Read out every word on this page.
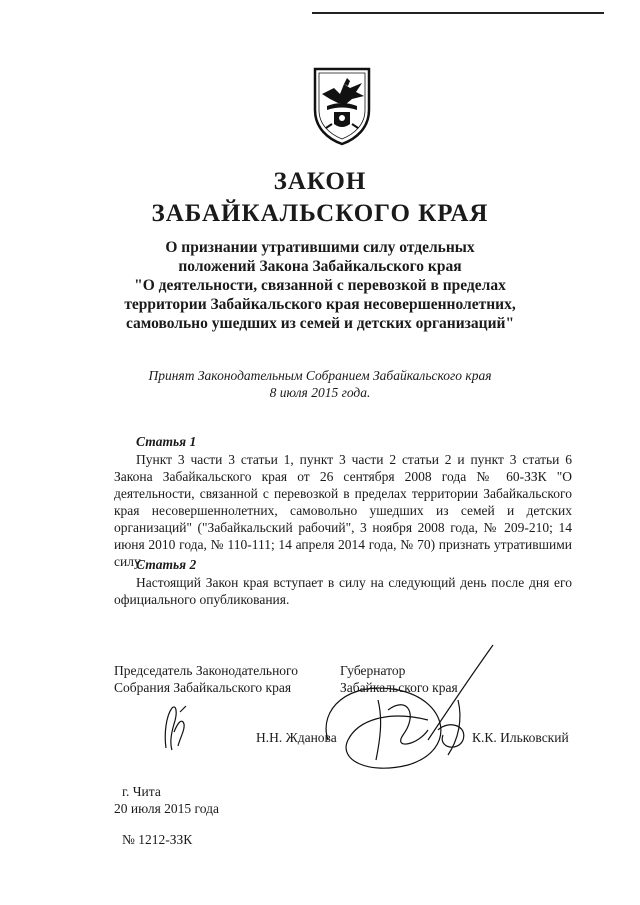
ЗАКОН
ЗАБАЙКАЛЬСКОГО КРАЯ
О признании утратившими силу отдельных
положений Закона Забайкальского края
"О деятельности, связанной с перевозкой в пределах
территории Забайкальского края несовершеннолетних,
самовольно ушедших из семей и детских организаций"
Принят Законодательным Собранием Забайкальского края
8 июля 2015 года.
Статья 1
Пункт 3 части 3 статьи 1, пункт 3 части 2 статьи 2 и пункт 3 статьи 6 Закона Забайкальского края от 26 сентября 2008 года № 60-ЗЗК "О деятельности, связанной с перевозкой в пределах территории Забайкальского края несовершеннолетних, самовольно ушедших из семей и детских организаций" ("Забайкальский рабочий", 3 ноября 2008 года, № 209-210; 14 июня 2010 года, № 110-111; 14 апреля 2014 года, № 70) признать утратившими силу.
Статья 2
Настоящий Закон края вступает в силу на следующий день после дня его официального опубликования.
Председатель Законодательного
Собрания Забайкальского края
Губернатор
Забайкальского края
Н.Н. Жданова	К.К. Ильковский
г. Чита
20 июля 2015 года
№ 1212-ЗЗК
